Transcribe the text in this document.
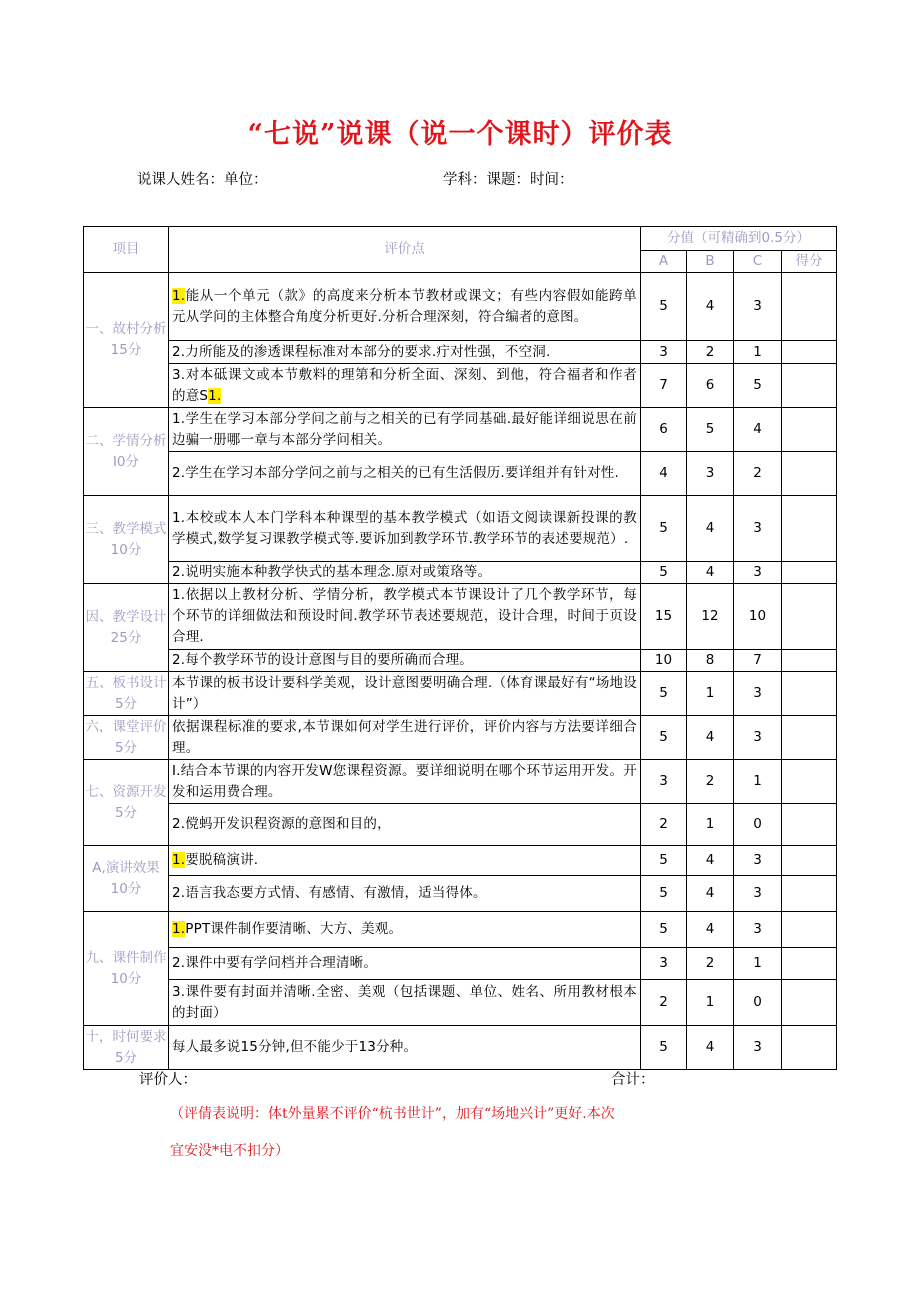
“七说”说课（说一个课时）评价表
说课人姓名：单位：	学科：课题：时间：
项目	评价点	分值（可精确到0.5分）			
		A	B	C	得分
一、故村分析15分	1.能从一个单元（款》的高度来分析本节教材或课文；有些内容假如能跨单元从学问的主体整合角度分析更好.分析合理深刻，符合编者的意图。	5	4	3	
	2.力所能及的渗透课程标准对本部分的要求.疔对性强，不空洞.	3	2	1	
	3.对本砥课文或本节敷料的理第和分析全面、深刻、到他，符合福者和作者的意S1.	7	6	5	
二、学情分析I0分	1.学生在学习本部分学问之前与之相关的已有学同基础.最好能详细说思在前边骗一册哪一章与本部分学问相关。	6	5	4	
	2.学生在学习本部分学问之前与之相关的已有生活假历.要详组并有针对性.	4	3	2	
三、教学模式10分	1.本校或本人本门学科本种课型的基本教学模式（如语文阅读课新投课的教学模式,数学复习课教学模式等.要诉加到教学环节.教学环节的表述要规范）.	5	4	3	
	2.说明实施本种教学快式的基本理念.原对或策珞等。	5	4	3	
因、教学设计25分	1.依据以上教材分析、学情分析，教学模式本节课设计了几个教学环节，每个环节的详细做法和预设时间.教学环节表述要规范，设计合理，时间于页设合理.	15	12	10	
	2.每个教学环节的设计意图与目的要所确而合理。	10	8	7	
五、板书设计5分	本节课的板书设计要科学美观，设计意图要明确合理.（体育课最好有“场地设计”）	5	1	3	
六，课堂评价5分	依据课程标准的要求,本节课如何对学生进行评价，评价内容与方法要详细合理。	5	4	3	
七、资源开发5分	I.结合本节课的内容开发W您课程资源。要详细说明在哪个环节运用开发。开发和运用费合理。	3	2	1	
	2.傥蚂开发识程资源的意图和目的，	2	1	0	
A,演讲效果10分	1.要脱稿演讲.	5	4	3	
	2.语言我态要方式情、有感情、有激情，适当得体。	5	4	3	
九、课件制作10分	1.PPT课件制作要清晰、大方、美观。	5	4	3	
	2.课件中要有学问档并合理清晰。	3	2	1	
	3.课件要有封面并清晰.全密、美观（包括课题、单位、姓名、所用教材根本的封面）	2	1	0	
十，时何要求5分	每人最多说15分钟,但不能少于13分种。	5	4	3	
评价人：	合计：
（评倩表说明：体t外量累不评价“杭书世计”，加有“场地兴计”更好.本次
宜安没*电不扣分）
